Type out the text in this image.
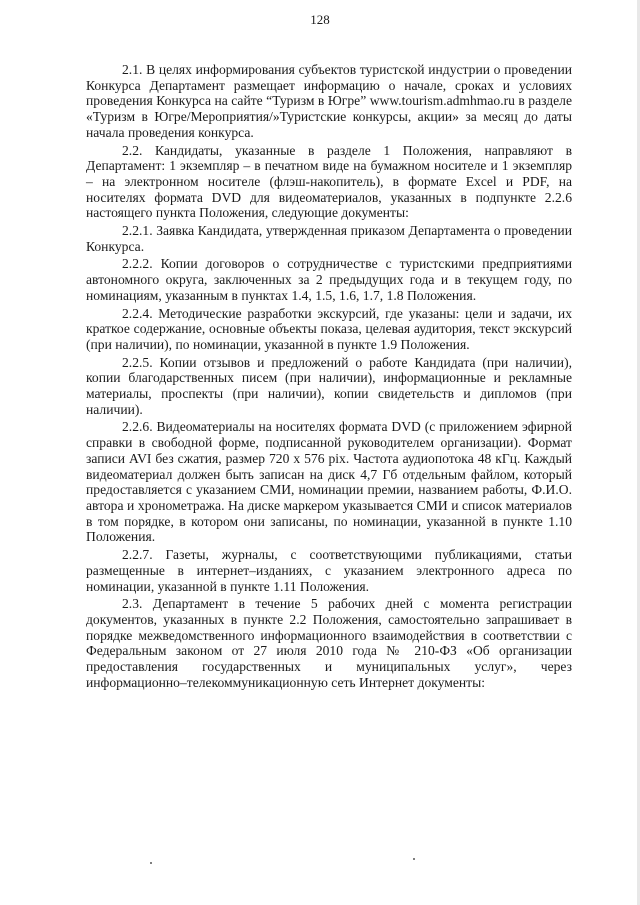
128

2.1. В целях информирования субъектов туристской индустрии о проведении Конкурса Департамент размещает информацию о начале, сроках и условиях проведения Конкурса на сайте “Туризм в Югре” www.tourism.admhmao.ru в разделе «Туризм в Югре/Мероприятия/»Туристские конкурсы, акции» за месяц до даты начала проведения конкурса.

2.2. Кандидаты, указанные в разделе 1 Положения, направляют в Департамент: 1 экземпляр – в печатном виде на бумажном носителе и 1 экземпляр – на электронном носителе (флэш-накопитель), в формате Excel и PDF, на носителях формата DVD для видеоматериалов, указанных в подпункте 2.2.6 настоящего пункта Положения, следующие документы:

2.2.1. Заявка Кандидата, утвержденная приказом Департамента о проведении Конкурса.

2.2.2. Копии договоров о сотрудничестве с туристскими предприятиями автономного округа, заключенных за 2 предыдущих года и в текущем году, по номинациям, указанным в пунктах 1.4, 1.5, 1.6, 1.7, 1.8 Положения.

2.2.4. Методические разработки экскурсий, где указаны: цели и задачи, их краткое содержание, основные объекты показа, целевая аудитория, текст экскурсий (при наличии), по номинации, указанной в пункте 1.9 Положения.

2.2.5. Копии отзывов и предложений о работе Кандидата (при наличии), копии благодарственных писем (при наличии), информационные и рекламные материалы, проспекты (при наличии), копии свидетельств и дипломов (при наличии).

2.2.6. Видеоматериалы на носителях формата DVD (с приложением эфирной справки в свободной форме, подписанной руководителем организации). Формат записи AVI без сжатия, размер 720 x 576 pix. Частота аудиопотока 48 кГц. Каждый видеоматериал должен быть записан на диск 4,7 Гб отдельным файлом, который предоставляется с указанием СМИ, номинации премии, названием работы, Ф.И.О. автора и хронометража. На диске маркером указывается СМИ и список материалов в том порядке, в котором они записаны, по номинации, указанной в пункте 1.10 Положения.

2.2.7. Газеты, журналы, с соответствующими публикациями, статьи размещенные в интернет–изданиях, с указанием электронного адреса по номинации, указанной в пункте 1.11 Положения.

2.3. Департамент в течение 5 рабочих дней с момента регистрации документов, указанных в пункте 2.2 Положения, самостоятельно запрашивает в порядке межведомственного информационного взаимодействия в соответствии с Федеральным законом от 27 июля 2010 года № 210-ФЗ «Об организации предоставления государственных и муниципальных услуг», через информационно–телекоммуникационную сеть Интернет документы:
